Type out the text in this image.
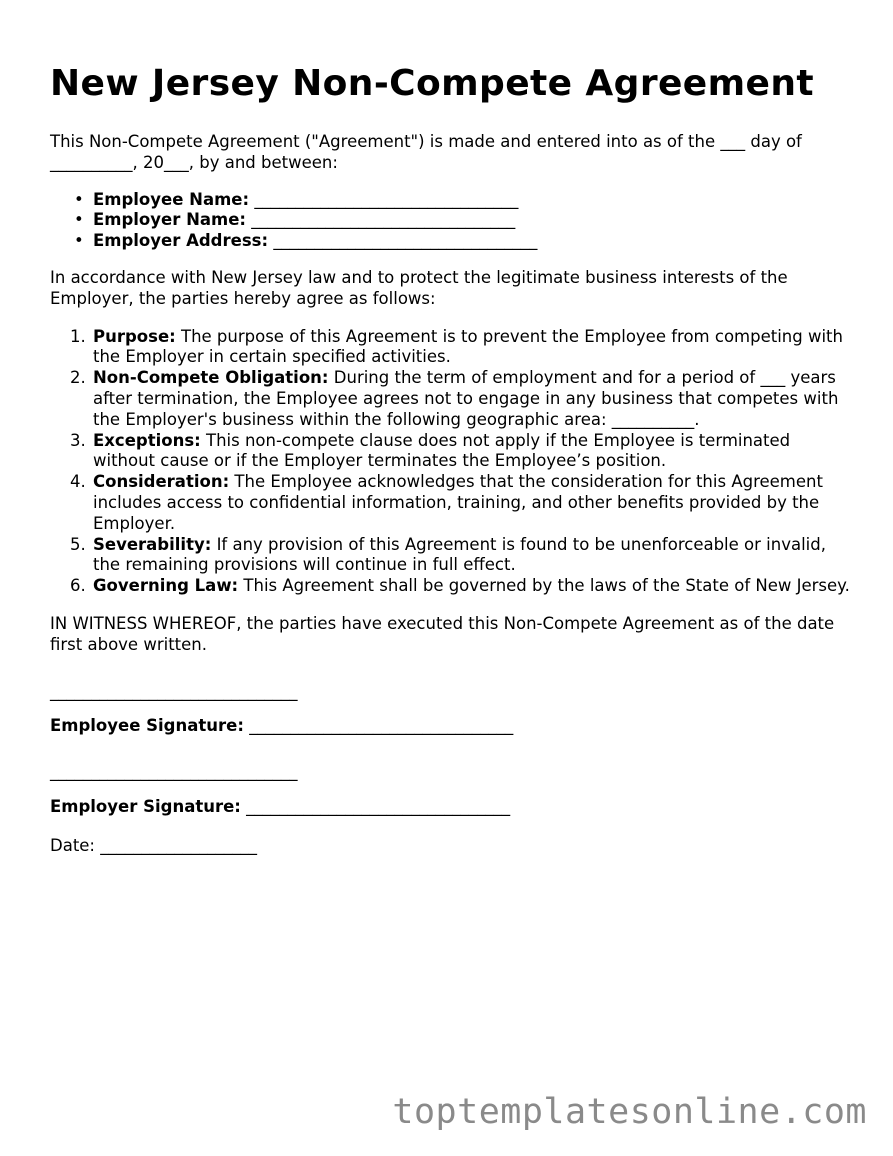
New Jersey Non-Compete Agreement

This Non-Compete Agreement ("Agreement") is made and entered into as of the ___ day of __________, 20___, by and between:

• Employee Name: ________________________________
• Employer Name: ________________________________
• Employer Address: ________________________________

In accordance with New Jersey law and to protect the legitimate business interests of the Employer, the parties hereby agree as follows:

1. Purpose: The purpose of this Agreement is to prevent the Employee from competing with the Employer in certain specified activities.
2. Non-Compete Obligation: During the term of employment and for a period of ___ years after termination, the Employee agrees not to engage in any business that competes with the Employer's business within the following geographic area: __________.
3. Exceptions: This non-compete clause does not apply if the Employee is terminated without cause or if the Employer terminates the Employee’s position.
4. Consideration: The Employee acknowledges that the consideration for this Agreement includes access to confidential information, training, and other benefits provided by the Employer.
5. Severability: If any provision of this Agreement is found to be unenforceable or invalid, the remaining provisions will continue in full effect.
6. Governing Law: This Agreement shall be governed by the laws of the State of New Jersey.

IN WITNESS WHEREOF, the parties have executed this Non-Compete Agreement as of the date first above written.

______________________________

Employee Signature: ________________________________

______________________________

Employer Signature: ________________________________

Date: ___________________

toptemplatesonline.com
